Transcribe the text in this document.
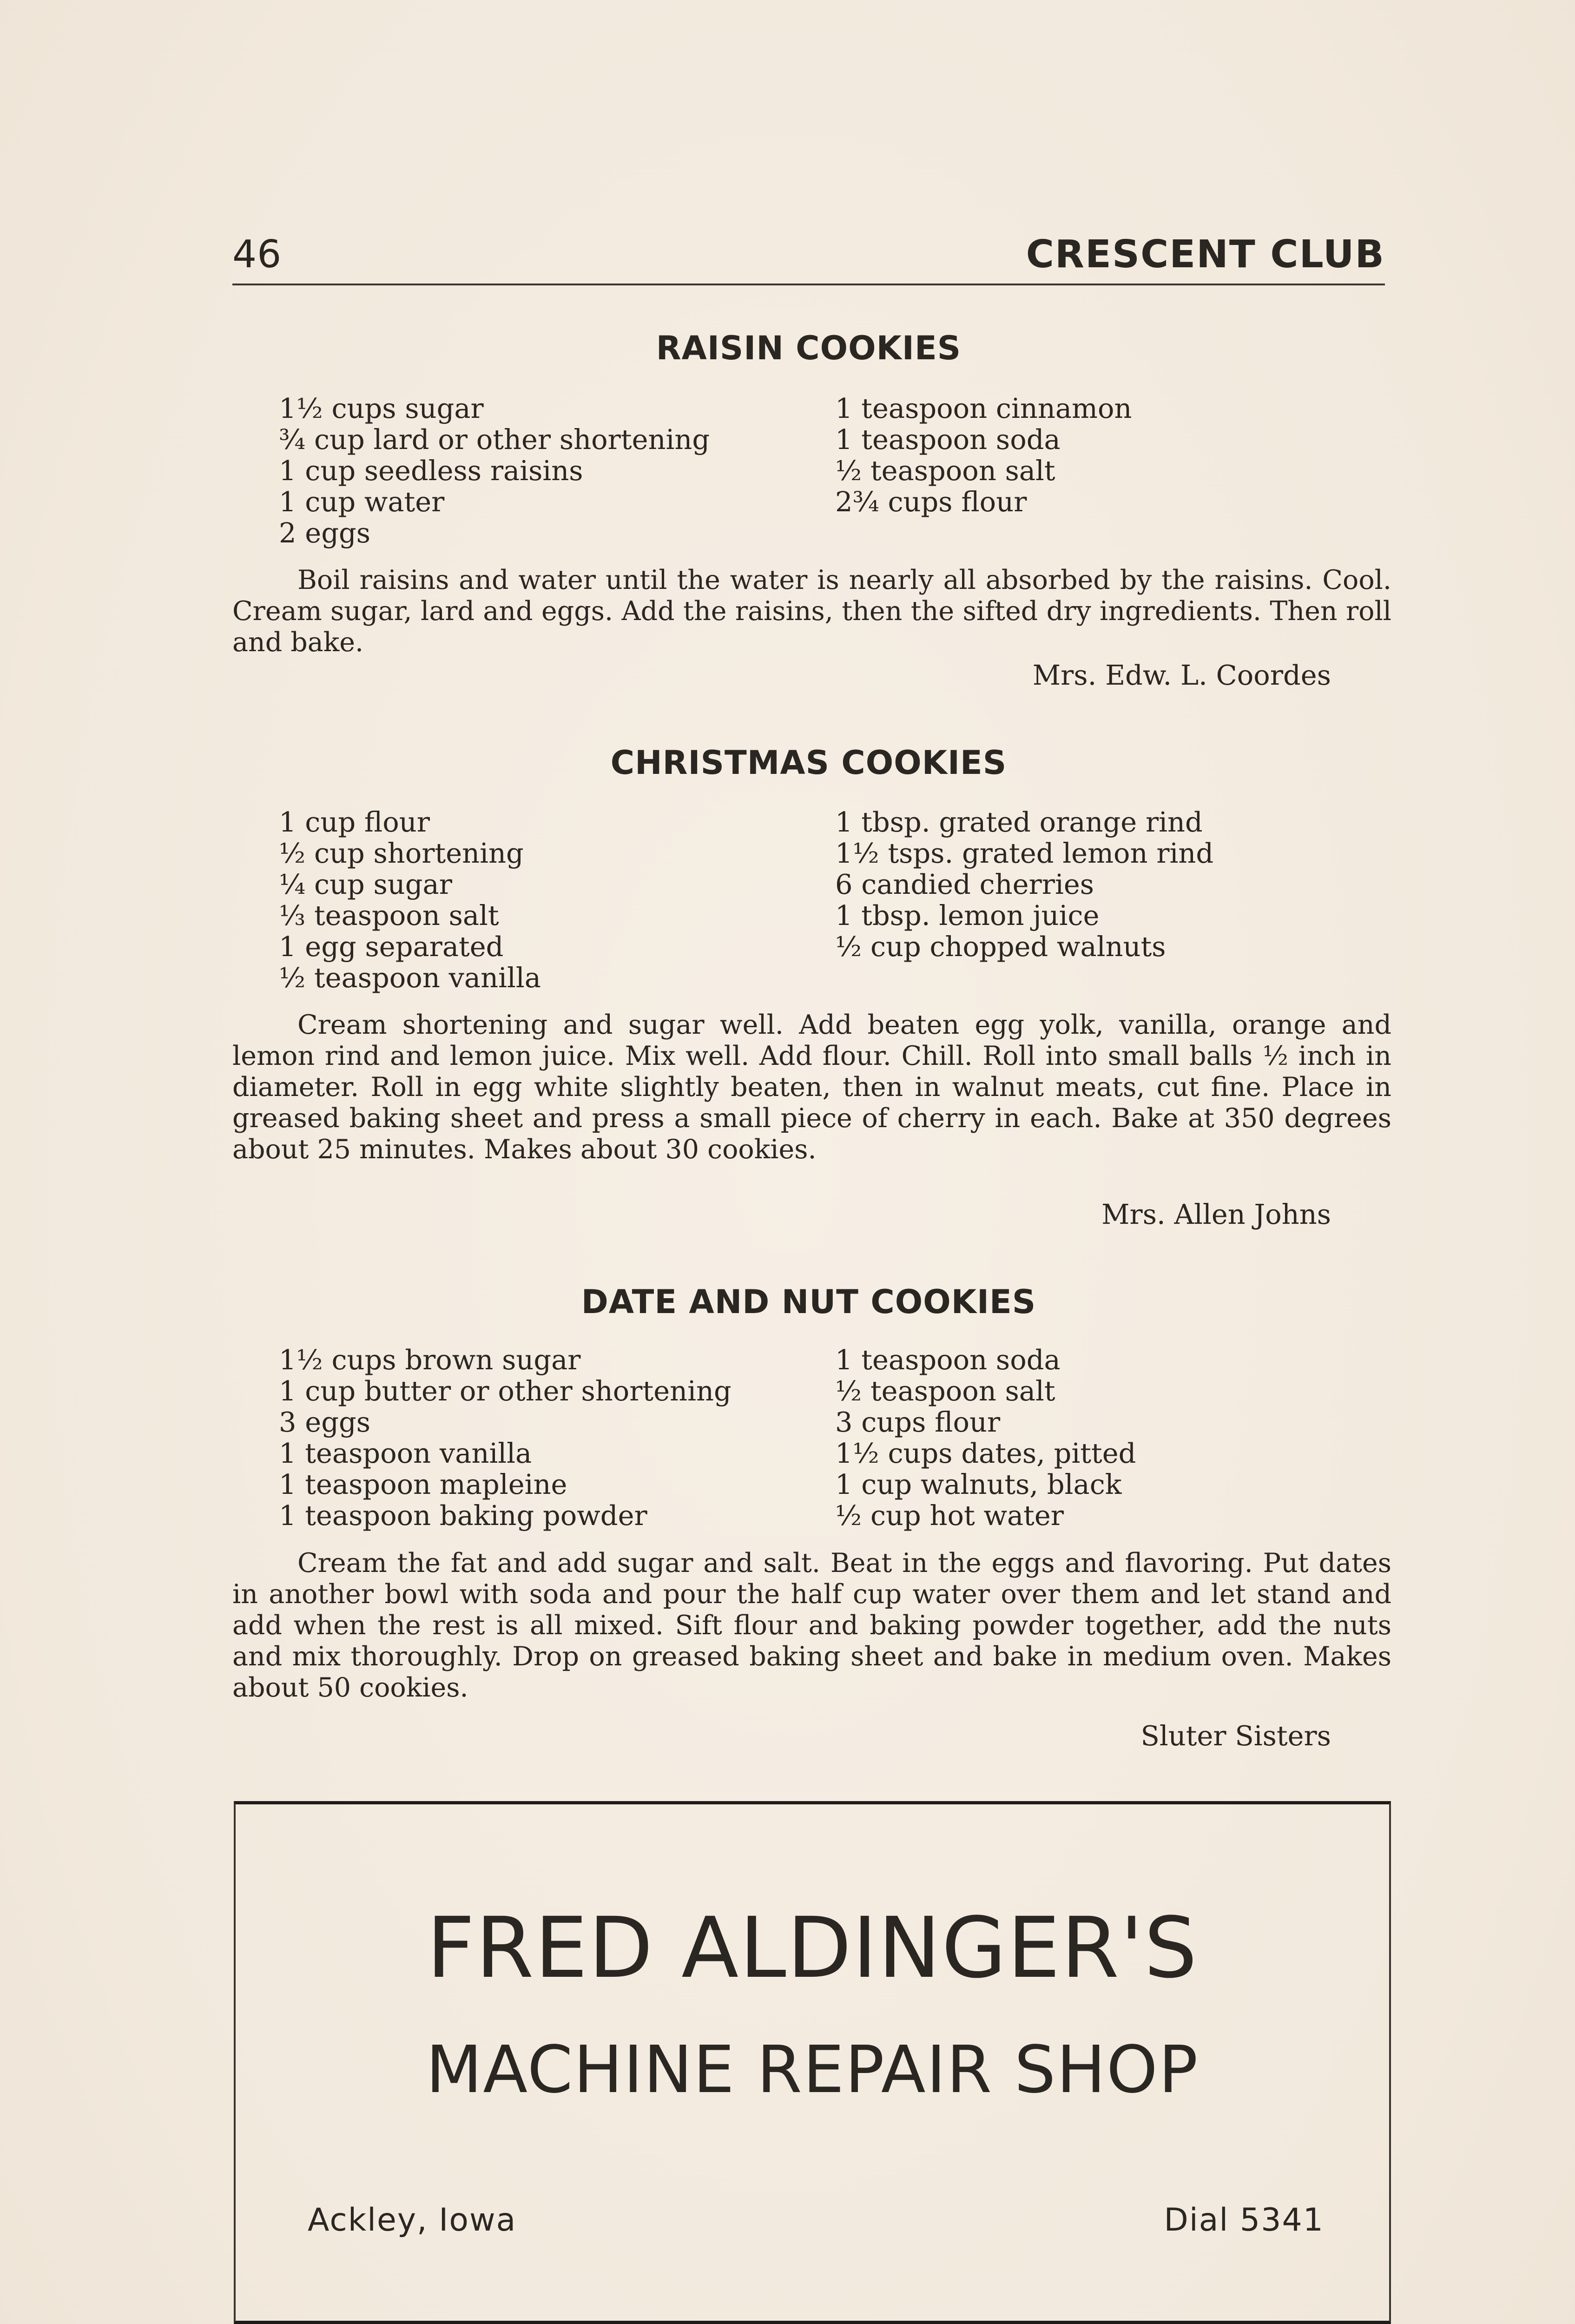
46	CRESCENT CLUB
RAISIN COOKIES
1½ cups sugar
¾ cup lard or other shortening
1 cup seedless raisins
1 cup water
2 eggs
1 teaspoon cinnamon
1 teaspoon soda
½ teaspoon salt
2¾ cups flour
Boil raisins and water until the water is nearly all absorbed by the raisins. Cool. Cream sugar, lard and eggs. Add the raisins, then the sifted dry ingredients. Then roll and bake.
Mrs. Edw. L. Coordes
CHRISTMAS COOKIES
1 cup flour
½ cup shortening
¼ cup sugar
⅓ teaspoon salt
1 egg separated
½ teaspoon vanilla
1 tbsp. grated orange rind
1½ tsps. grated lemon rind
6 candied cherries
1 tbsp. lemon juice
½ cup chopped walnuts
Cream shortening and sugar well. Add beaten egg yolk, vanilla, orange and lemon rind and lemon juice. Mix well. Add flour. Chill. Roll into small balls ½ inch in diameter. Roll in egg white slightly beaten, then in walnut meats, cut fine. Place in greased baking sheet and press a small piece of cherry in each. Bake at 350 degrees about 25 minutes. Makes about 30 cookies.
Mrs. Allen Johns
DATE AND NUT COOKIES
1½ cups brown sugar
1 cup butter or other shortening
3 eggs
1 teaspoon vanilla
1 teaspoon mapleine
1 teaspoon baking powder
1 teaspoon soda
½ teaspoon salt
3 cups flour
1½ cups dates, pitted
1 cup walnuts, black
½ cup hot water
Cream the fat and add sugar and salt. Beat in the eggs and flavoring. Put dates in another bowl with soda and pour the half cup water over them and let stand and add when the rest is all mixed. Sift flour and baking powder together, add the nuts and mix thoroughly. Drop on greased baking sheet and bake in medium oven. Makes about 50 cookies.
Sluter Sisters
FRED ALDINGER'S
MACHINE REPAIR SHOP
Ackley, Iowa	Dial 5341
